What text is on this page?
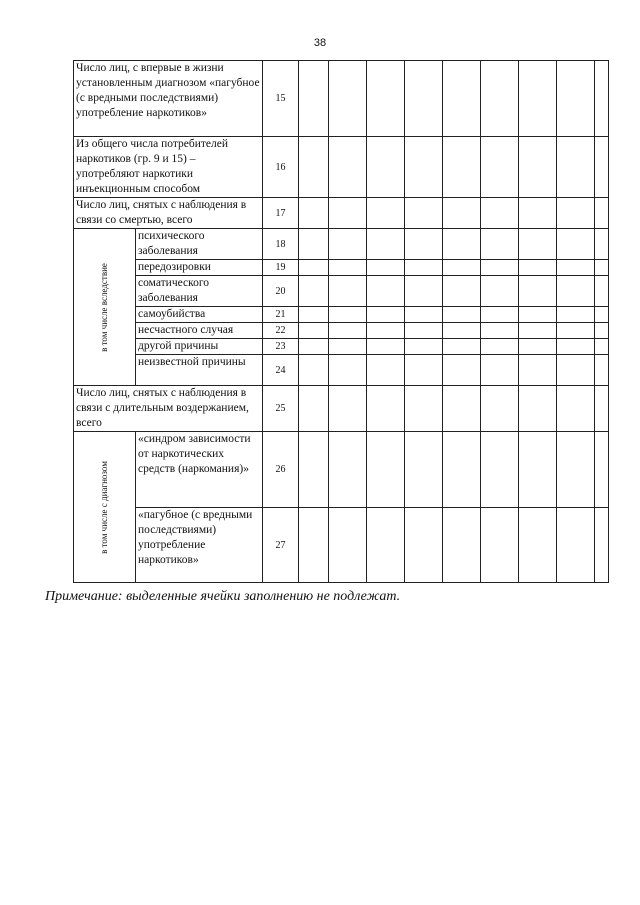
38
Число лиц, с впервые в жизни установленным диагнозом «пагубное (с вредными последствиями) употребление наркотиков»		15									
Из общего числа потребителей наркотиков (гр. 9 и 15) – употребляют наркотики инъекционным способом		16									
Число лиц, снятых с наблюдения в связи со смертью, всего		17									

в том числе вследствие	психического заболевания	18									
	передозировки	19									
	соматического заболевания	20									
	самоубийства	21									
	несчастного случая	22									
	другой причины	23									
	неизвестной причины	24									
Число лиц, снятых с наблюдения в связи с длительным воздержанием, всего		25									

в том числе с диагнозом	«синдром зависимости от наркотических средств (наркомания)»	26									
	«пагубное (с вредными последствиями) употребление наркотиков»	27									
Примечание: выделенные ячейки заполнению не подлежат.
